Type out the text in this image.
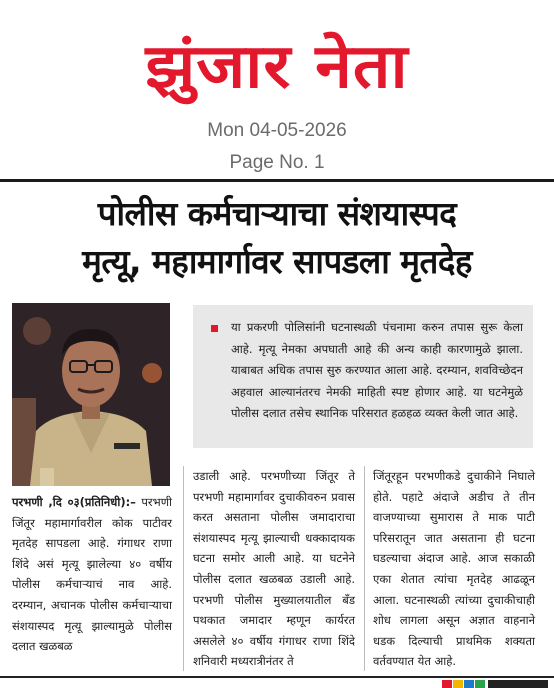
झुंजार नेता
Mon 04-05-2026
Page No. 1
पोलीस कर्मचाऱ्याचा संशयास्पद
मृत्यू, महामार्गावर सापडला मृतदेह
या प्रकरणी पोलिसांनी घटनास्थळी पंचनामा करुन तपास सुरू केला आहे. मृत्यू नेमका अपघाती आहे की अन्य काही कारणामुळे झाला. याबाबत अधिक तपास सुरु करण्यात आला आहे. दरम्यान, शवविच्छेदन अहवाल आल्यानंतरच नेमकी माहिती स्पष्ट होणार आहे. या घटनेमुळे पोलीस दलात तसेच स्थानिक परिसरात हळहळ व्यक्त केली जात आहे.
परभणी ,दि ०३(प्रतिनिधी):– परभणी जिंतूर महामार्गावरील कोक पाटीवर मृतदेह सापडला आहे. गंगाधर राणा शिंदे असं मृत्यू झालेल्या ४० वर्षीय पोलीस कर्मचाऱ्याचं नाव आहे. दरम्यान, अचानक पोलीस कर्मचाऱ्याचा संशयास्पद मृत्यू झाल्यामुळे पोलीस दलात खळबळ
उडाली आहे. परभणीच्या जिंतूर ते परभणी महामार्गावर दुचाकीवरुन प्रवास करत असताना पोलीस जमादाराचा संशयास्पद मृत्यू झाल्याची धक्कादायक घटना समोर आली आहे. या घटनेने पोलीस दलात खळबळ उडाली आहे. परभणी पोलीस मुख्यालयातील बँड पथकात जमादार म्हणून कार्यरत असलेले ४० वर्षीय गंगाधर राणा शिंदे शनिवारी मध्यरात्रीनंतर ते
जिंतूरहून परभणीकडे दुचाकीने निघाले होते. पहाटे अंदाजे अडीच ते तीन वाजण्याच्या सुमारास ते माक पाटी परिसरातून जात असताना ही घटना घडल्याचा अंदाज आहे. आज सकाळी एका शेतात त्यांचा मृतदेह आढळून आला. घटनास्थळी त्यांच्या दुचाकीचाही शोध लागला असून अज्ञात वाहनाने धडक दिल्याची प्राथमिक शक्यता वर्तवण्यात येत आहे.
